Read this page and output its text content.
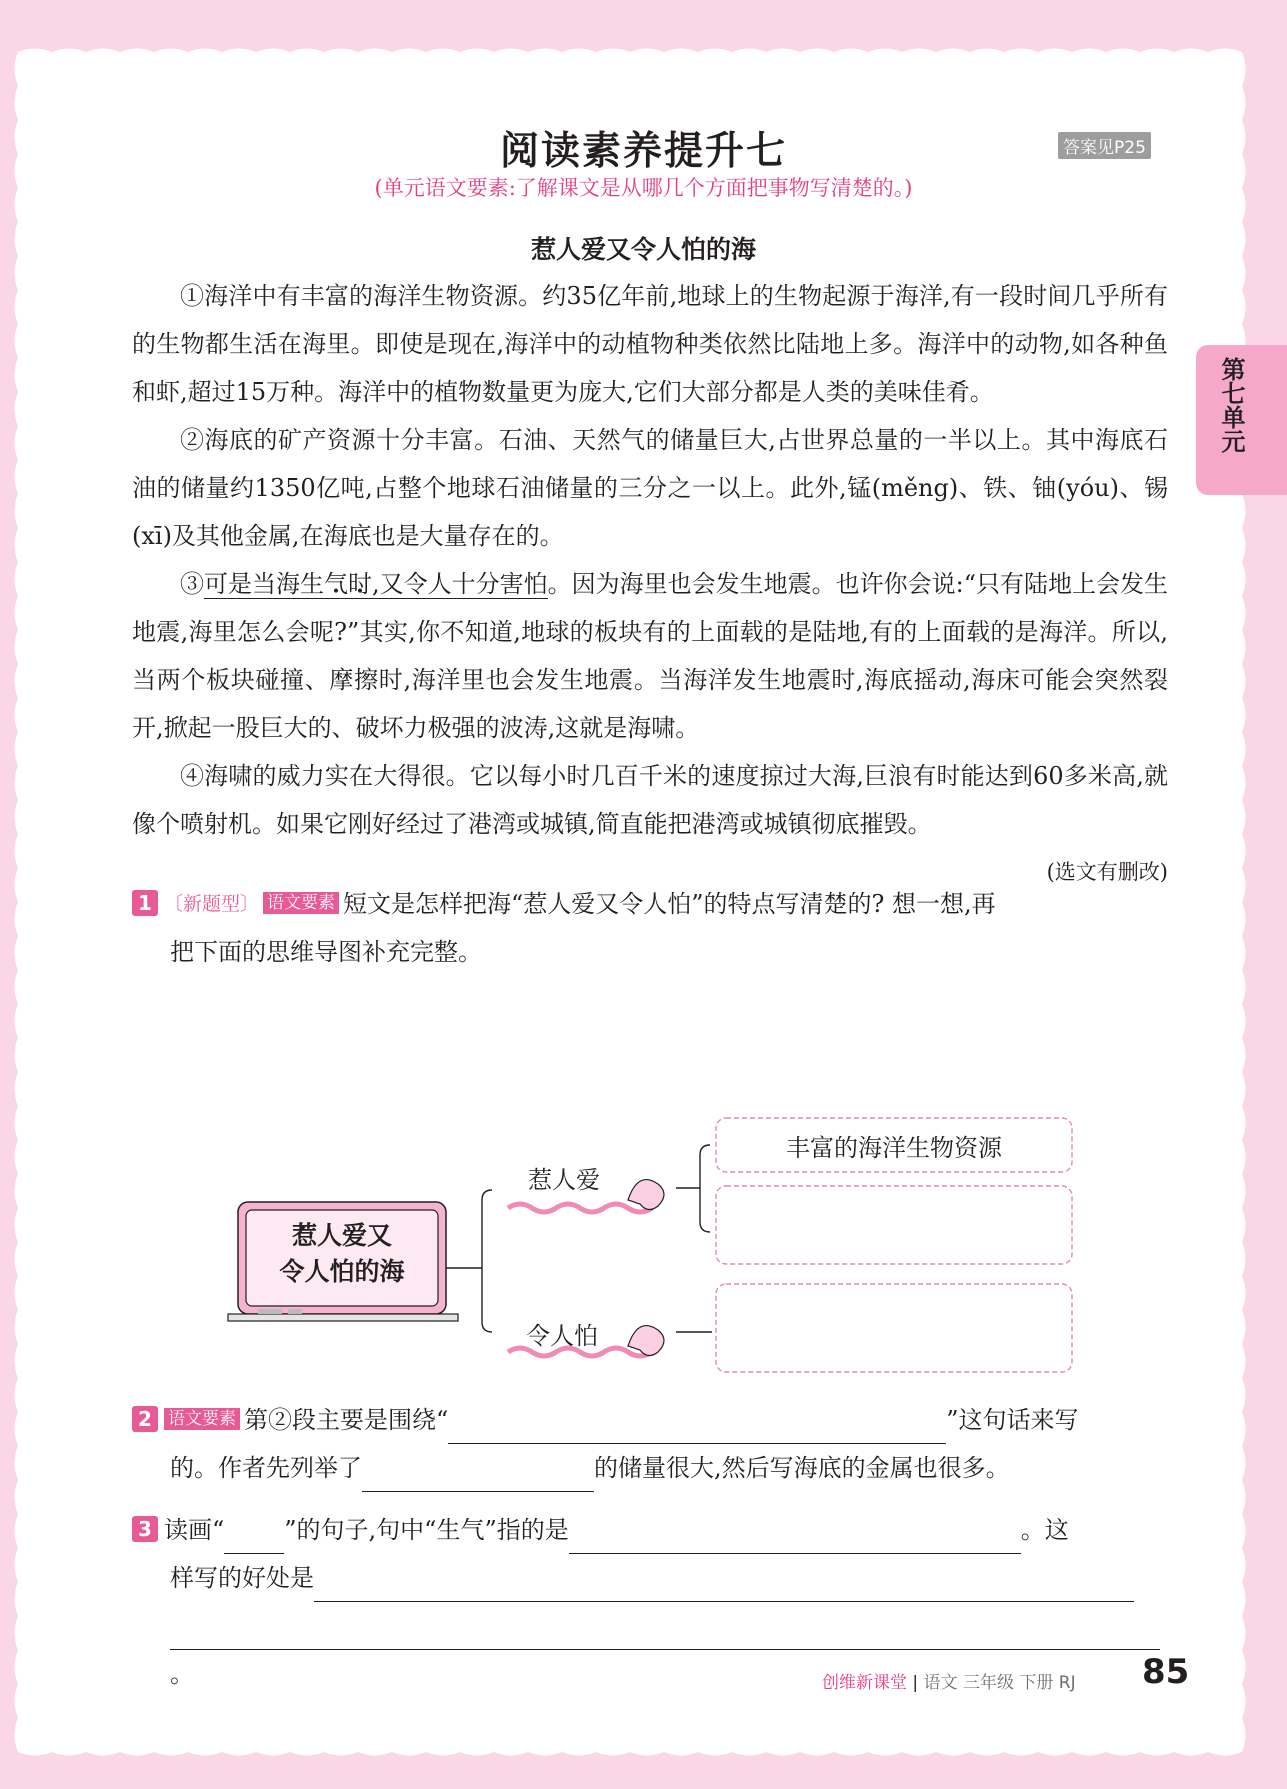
阅读素养提升七	答案见P25
(单元语文要素:了解课文是从哪几个方面把事物写清楚的。)
第七单元
惹人爱又令人怕的海

①海洋中有丰富的海洋生物资源。约35亿年前,地球上的生物起源于海洋,有一段时间几乎所有的生物都生活在海里。即使是现在,海洋中的动植物种类依然比陆地上多。海洋中的动物,如各种鱼和虾,超过15万种。海洋中的植物数量更为庞大,它们大部分都是人类的美味佳肴。

②海底的矿产资源十分丰富。石油、天然气的储量巨大,占世界总量的一半以上。其中海底石油的储量约1350亿吨,占整个地球石油储量的三分之一以上。此外,锰(měng)、铁、铀(yóu)、锡(xī)及其他金属,在海底也是大量存在的。

③可是当海生气时,又令人十分害怕。因为海里也会发生地震。也许你会说:“只有陆地上会发生地震,海里怎么会呢?”其实,你不知道,地球的板块有的上面载的是陆地,有的上面载的是海洋。所以,当两个板块碰撞、摩擦时,海洋里也会发生地震。当海洋发生地震时,海底摇动,海床可能会突然裂开,掀起一股巨大的、破坏力极强的波涛,这就是海啸。

④海啸的威力实在大得很。它以每小时几百千米的速度掠过大海,巨浪有时能达到60多米高,就像个喷射机。如果它刚好经过了港湾或城镇,简直能把港湾或城镇彻底摧毁。

(选文有删改)
1 〔新题型〕 语文要素 短文是怎样把海“惹人爱又令人怕”的特点写清楚的? 想一想,再
把下面的思维导图补充完整。
惹人爱又
令人怕的海
惹人爱
令人怕
丰富的海洋生物资源
2 语文要素 第②段主要是围绕“	”这句话来写
的。作者先列举了	的储量很大,然后写海底的金属也很多。
3 读画“	”的句子,句中“生气”指的是	。这
样写的好处是
。	创维新课堂 | 语文 三年级 下册 RJ 85
